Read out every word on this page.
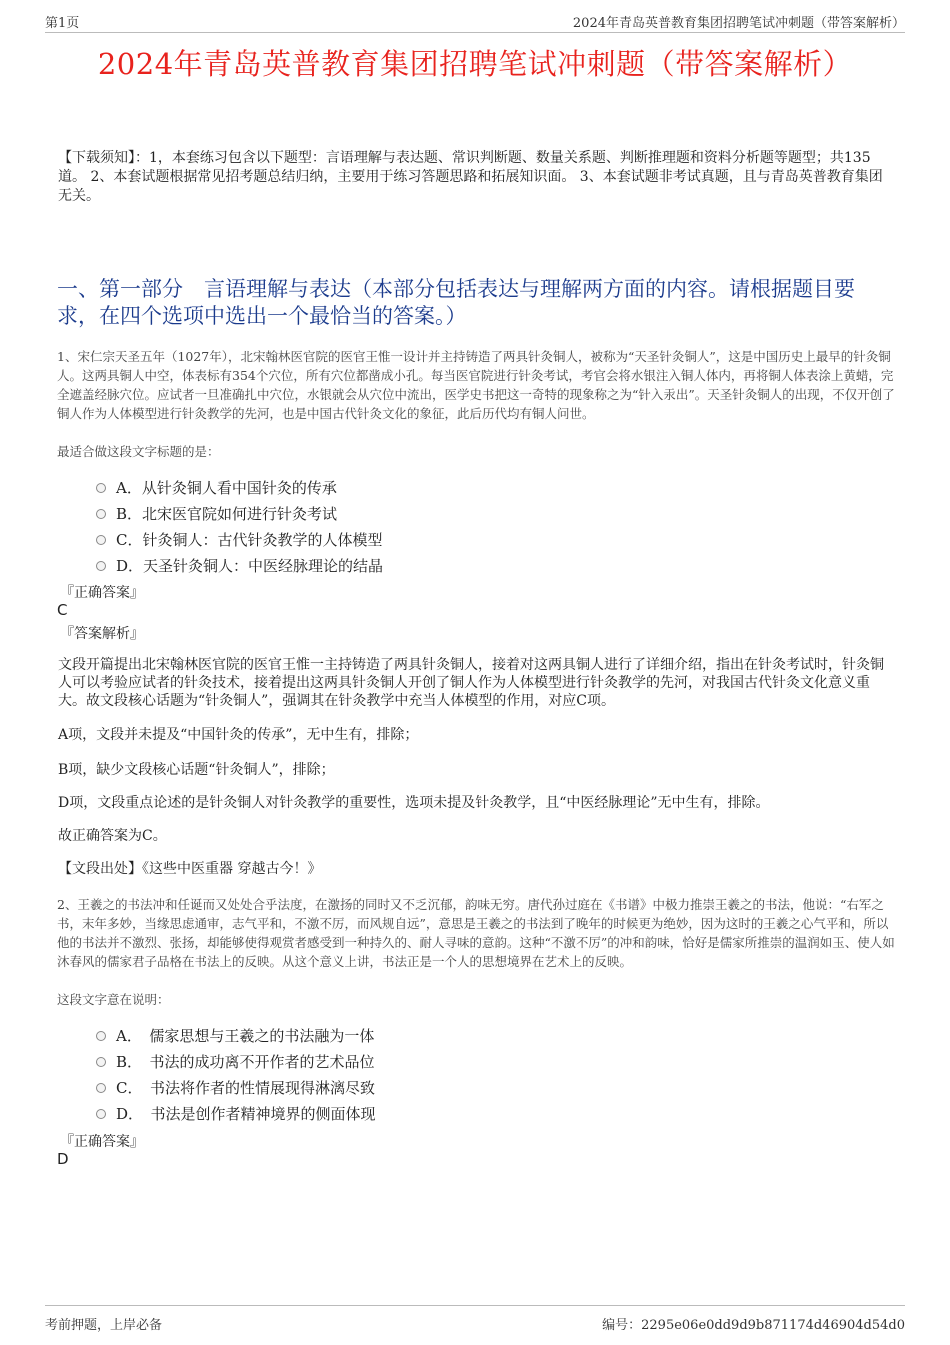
第1页	2024年青岛英普教育集团招聘笔试冲刺题（带答案解析）
2024年青岛英普教育集团招聘笔试冲刺题（带答案解析）
【下载须知】：1，本套练习包含以下题型：言语理解与表达题、常识判断题、数量关系题、判断推理题和资料分析题等题型；共135道。 2、本套试题根据常见招考题总结归纳，主要用于练习答题思路和拓展知识面。 3、本套试题非考试真题，且与青岛英普教育集团无关。
一、第一部分　言语理解与表达（本部分包括表达与理解两方面的内容。请根据题目要求，在四个选项中选出一个最恰当的答案。）
1、宋仁宗天圣五年（1027年），北宋翰林医官院的医官王惟一设计并主持铸造了两具针灸铜人，被称为“天圣针灸铜人”，这是中国历史上最早的针灸铜人。这两具铜人中空，体表标有354个穴位，所有穴位都凿成小孔。每当医官院进行针灸考试，考官会将水银注入铜人体内，再将铜人体表涂上黄蜡，完全遮盖经脉穴位。应试者一旦准确扎中穴位，水银就会从穴位中流出，医学史书把这一奇特的现象称之为“针入汞出”。天圣针灸铜人的出现，不仅开创了铜人作为人体模型进行针灸教学的先河，也是中国古代针灸文化的象征，此后历代均有铜人问世。
最适合做这段文字标题的是：
A．从针灸铜人看中国针灸的传承
B．北宋医官院如何进行针灸考试
C．针灸铜人：古代针灸教学的人体模型
D．天圣针灸铜人：中医经脉理论的结晶
『正确答案』
C
『答案解析』
文段开篇提出北宋翰林医官院的医官王惟一主持铸造了两具针灸铜人，接着对这两具铜人进行了详细介绍，指出在针灸考试时，针灸铜人可以考验应试者的针灸技术，接着提出这两具针灸铜人开创了铜人作为人体模型进行针灸教学的先河，对我国古代针灸文化意义重大。故文段核心话题为“针灸铜人”，强调其在针灸教学中充当人体模型的作用，对应C项。
A项，文段并未提及“中国针灸的传承”，无中生有，排除；
B项，缺少文段核心话题“针灸铜人”，排除；
D项，文段重点论述的是针灸铜人对针灸教学的重要性，选项未提及针灸教学，且“中医经脉理论”无中生有，排除。
故正确答案为C。
【文段出处】《这些中医重器 穿越古今！》
2、王羲之的书法冲和任诞而又处处合乎法度，在激扬的同时又不乏沉郁，韵味无穷。唐代孙过庭在《书谱》中极力推崇王羲之的书法，他说：“右军之书，末年多妙，当缘思虑通审，志气平和，不激不厉，而风规自远”，意思是王羲之的书法到了晚年的时候更为绝妙，因为这时的王羲之心气平和，所以他的书法并不激烈、张扬，却能够使得观赏者感受到一种持久的、耐人寻味的意韵。这种“不激不厉”的冲和韵味，恰好是儒家所推崇的温润如玉、使人如沐春风的儒家君子品格在书法上的反映。从这个意义上讲，书法正是一个人的思想境界在艺术上的反映。
这段文字意在说明：
A．　儒家思想与王羲之的书法融为一体
B．　书法的成功离不开作者的艺术品位
C．　书法将作者的性情展现得淋漓尽致
D．　书法是创作者精神境界的侧面体现
『正确答案』
D
考前押题，上岸必备	编号：2295e06e0dd9d9b871174d46904d54d0
